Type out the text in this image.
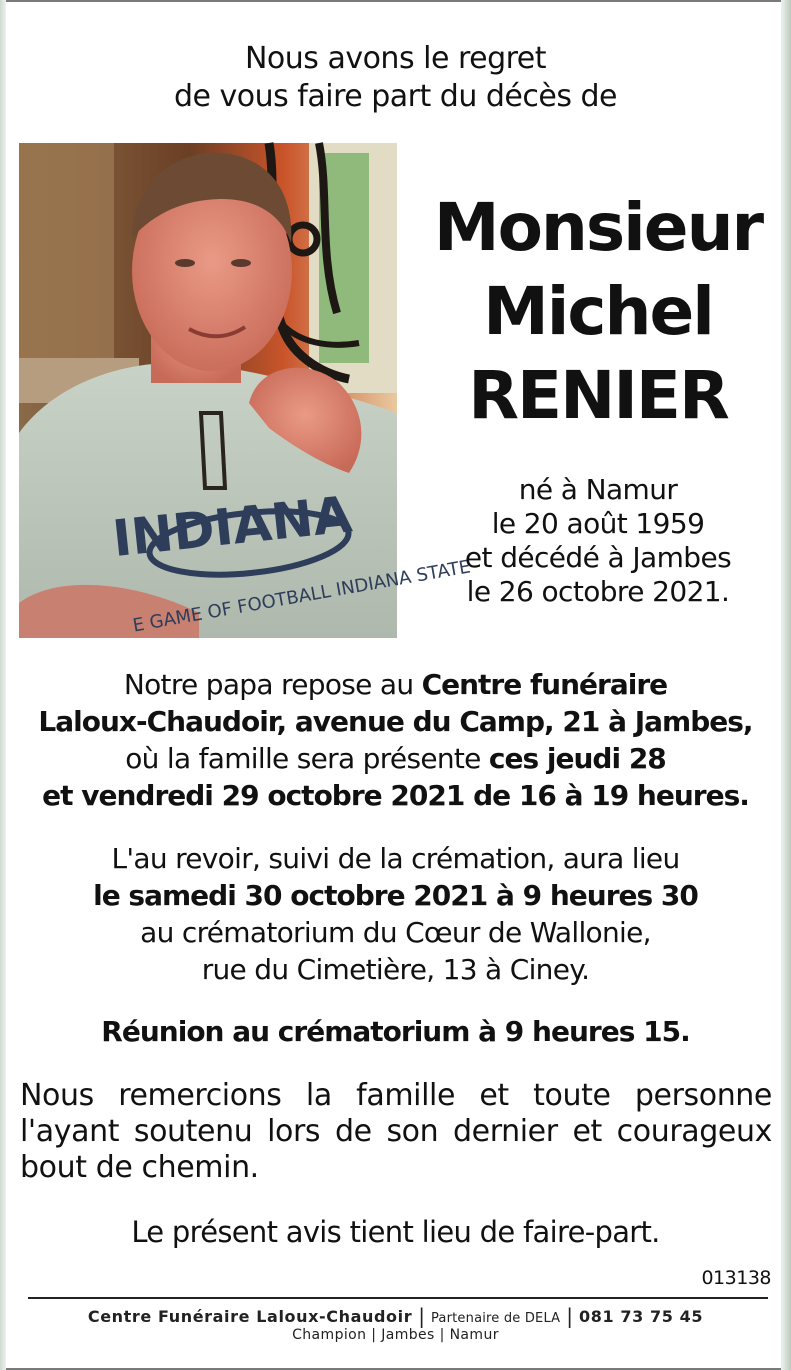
Nous avons le regret
de vous faire part du décès de
INDIANA
E GAME OF FOOTBALL INDIANA STATE
Monsieur
Michel
RENIER
né à Namur
le 20 août 1959
et décédé à Jambes
le 26 octobre 2021.
Notre papa repose au Centre funéraire
Laloux-Chaudoir, avenue du Camp, 21 à Jambes,
où la famille sera présente ces jeudi 28
et vendredi 29 octobre 2021 de 16 à 19 heures.
L'au revoir, suivi de la crémation, aura lieu
le samedi 30 octobre 2021 à 9 heures 30
au crématorium du Cœur de Wallonie,
rue du Cimetière, 13 à Ciney.
Réunion au crématorium à 9 heures 15.
Nous remercions la famille et toute personne
l'ayant soutenu lors de son dernier et courageux
bout de chemin.
Le présent avis tient lieu de faire-part.
013138
Centre Funéraire Laloux-Chaudoir | Partenaire de DELA | 081 73 75 45
Champion | Jambes | Namur
